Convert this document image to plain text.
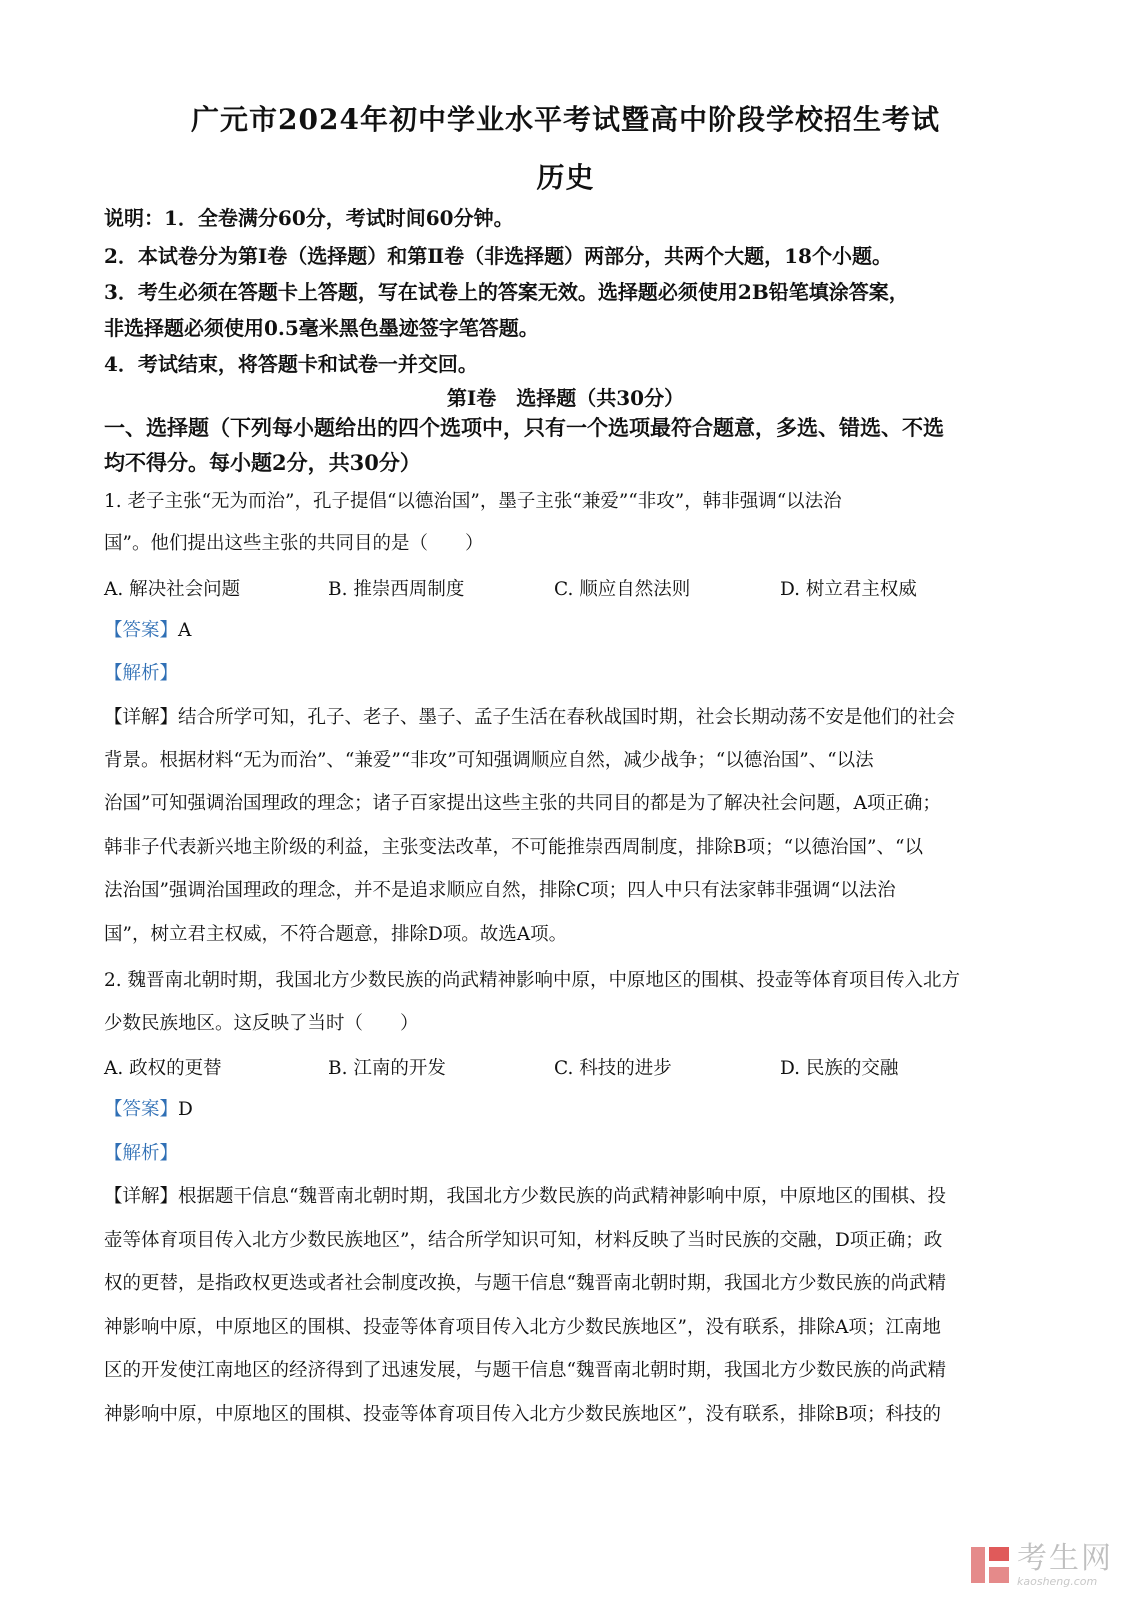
广元市2024年初中学业水平考试暨高中阶段学校招生考试
历史
说明：1．全卷满分60分，考试时间60分钟。
2．本试卷分为第Ⅰ卷（选择题）和第Ⅱ卷（非选择题）两部分，共两个大题，18个小题。
3．考生必须在答题卡上答题，写在试卷上的答案无效。选择题必须使用2B铅笔填涂答案，
非选择题必须使用0.5毫米黑色墨迹签字笔答题。
4．考试结束，将答题卡和试卷一并交回。
第Ⅰ卷　选择题（共30分）
一、选择题（下列每小题给出的四个选项中，只有一个选项最符合题意，多选、错选、不选
均不得分。每小题2分，共30分）
1. 老子主张“无为而治”，孔子提倡“以德治国”，墨子主张“兼爱”“非攻”，韩非强调“以法治
国”。他们提出这些主张的共同目的是（　　）
A. 解决社会问题	B. 推崇西周制度	C. 顺应自然法则	D. 树立君主权威
【答案】A
【解析】
【详解】结合所学可知，孔子、老子、墨子、孟子生活在春秋战国时期，社会长期动荡不安是他们的社会
背景。根据材料“无为而治”、“兼爱”“非攻”可知强调顺应自然，减少战争；“以德治国”、“以法
治国”可知强调治国理政的理念；诸子百家提出这些主张的共同目的都是为了解决社会问题，A项正确；
韩非子代表新兴地主阶级的利益，主张变法改革，不可能推崇西周制度，排除B项；“以德治国”、“以
法治国”强调治国理政的理念，并不是追求顺应自然，排除C项；四人中只有法家韩非强调“以法治
国”，树立君主权威，不符合题意，排除D项。故选A项。
2. 魏晋南北朝时期，我国北方少数民族的尚武精神影响中原，中原地区的围棋、投壶等体育项目传入北方
少数民族地区。这反映了当时（　　）
A. 政权的更替	B. 江南的开发	C. 科技的进步	D. 民族的交融
【答案】D
【解析】
【详解】根据题干信息“魏晋南北朝时期，我国北方少数民族的尚武精神影响中原，中原地区的围棋、投
壶等体育项目传入北方少数民族地区”，结合所学知识可知，材料反映了当时民族的交融，D项正确；政
权的更替，是指政权更迭或者社会制度改换，与题干信息“魏晋南北朝时期，我国北方少数民族的尚武精
神影响中原，中原地区的围棋、投壶等体育项目传入北方少数民族地区”，没有联系，排除A项；江南地
区的开发使江南地区的经济得到了迅速发展，与题干信息“魏晋南北朝时期，我国北方少数民族的尚武精
神影响中原，中原地区的围棋、投壶等体育项目传入北方少数民族地区”，没有联系，排除B项；科技的
考生网
kaosheng.com
